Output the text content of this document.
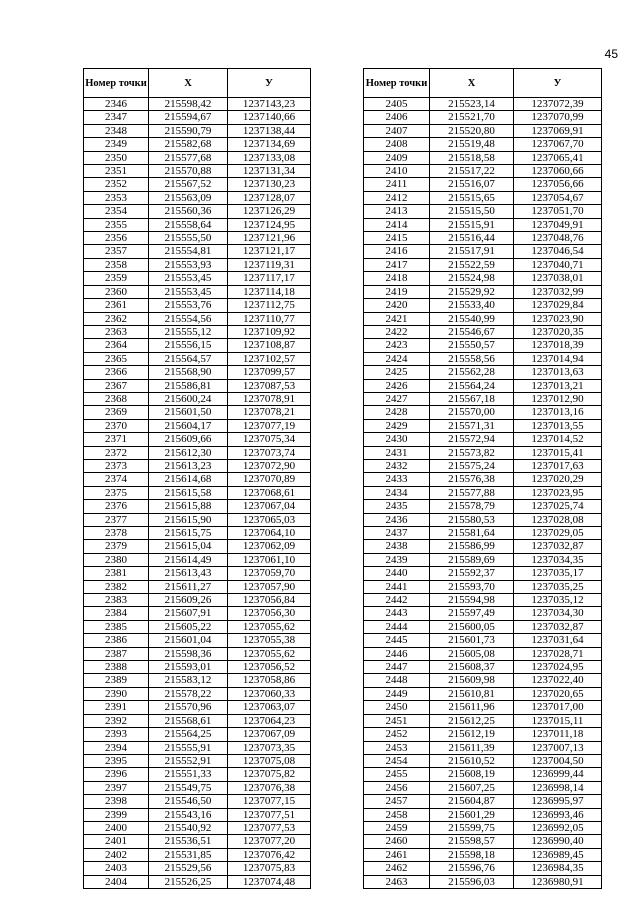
45
Номер точки	Х	У
2346	215598,42	1237143,23
2347	215594,67	1237140,66
2348	215590,79	1237138,44
2349	215582,68	1237134,69
2350	215577,68	1237133,08
2351	215570,88	1237131,34
2352	215567,52	1237130,23
2353	215563,09	1237128,07
2354	215560,36	1237126,29
2355	215558,64	1237124,95
2356	215555,50	1237121,96
2357	215554,81	1237121,17
2358	215553,93	1237119,31
2359	215553,45	1237117,17
2360	215553,45	1237114,18
2361	215553,76	1237112,75
2362	215554,56	1237110,77
2363	215555,12	1237109,92
2364	215556,15	1237108,87
2365	215564,57	1237102,57
2366	215568,90	1237099,57
2367	215586,81	1237087,53
2368	215600,24	1237078,91
2369	215601,50	1237078,21
2370	215604,17	1237077,19
2371	215609,66	1237075,34
2372	215612,30	1237073,74
2373	215613,23	1237072,90
2374	215614,68	1237070,89
2375	215615,58	1237068,61
2376	215615,88	1237067,04
2377	215615,90	1237065,03
2378	215615,75	1237064,10
2379	215615,04	1237062,09
2380	215614,49	1237061,10
2381	215613,43	1237059,70
2382	215611,27	1237057,90
2383	215609,26	1237056,84
2384	215607,91	1237056,30
2385	215605,22	1237055,62
2386	215601,04	1237055,38
2387	215598,36	1237055,62
2388	215593,01	1237056,52
2389	215583,12	1237058,86
2390	215578,22	1237060,33
2391	215570,96	1237063,07
2392	215568,61	1237064,23
2393	215564,25	1237067,09
2394	215555,91	1237073,35
2395	215552,91	1237075,08
2396	215551,33	1237075,82
2397	215549,75	1237076,38
2398	215546,50	1237077,15
2399	215543,16	1237077,51
2400	215540,92	1237077,53
2401	215536,51	1237077,20
2402	215531,85	1237076,42
2403	215529,56	1237075,83
2404	215526,25	1237074,48
Номер точки	Х	У
2405	215523,14	1237072,39
2406	215521,70	1237070,99
2407	215520,80	1237069,91
2408	215519,48	1237067,70
2409	215518,58	1237065,41
2410	215517,22	1237060,66
2411	215516,07	1237056,66
2412	215515,65	1237054,67
2413	215515,50	1237051,70
2414	215515,91	1237049,91
2415	215516,44	1237048,76
2416	215517,91	1237046,54
2417	215522,59	1237040,71
2418	215524,98	1237038,01
2419	215529,92	1237032,99
2420	215533,40	1237029,84
2421	215540,99	1237023,90
2422	215546,67	1237020,35
2423	215550,57	1237018,39
2424	215558,56	1237014,94
2425	215562,28	1237013,63
2426	215564,24	1237013,21
2427	215567,18	1237012,90
2428	215570,00	1237013,16
2429	215571,31	1237013,55
2430	215572,94	1237014,52
2431	215573,82	1237015,41
2432	215575,24	1237017,63
2433	215576,38	1237020,29
2434	215577,88	1237023,95
2435	215578,79	1237025,74
2436	215580,53	1237028,08
2437	215581,64	1237029,05
2438	215586,99	1237032,87
2439	215589,69	1237034,35
2440	215592,37	1237035,17
2441	215593,70	1237035,25
2442	215594,98	1237035,12
2443	215597,49	1237034,30
2444	215600,05	1237032,87
2445	215601,73	1237031,64
2446	215605,08	1237028,71
2447	215608,37	1237024,95
2448	215609,98	1237022,40
2449	215610,81	1237020,65
2450	215611,96	1237017,00
2451	215612,25	1237015,11
2452	215612,19	1237011,18
2453	215611,39	1237007,13
2454	215610,52	1237004,50
2455	215608,19	1236999,44
2456	215607,25	1236998,14
2457	215604,87	1236995,97
2458	215601,29	1236993,46
2459	215599,75	1236992,05
2460	215598,57	1236990,40
2461	215598,18	1236989,45
2462	215596,76	1236984,35
2463	215596,03	1236980,91
